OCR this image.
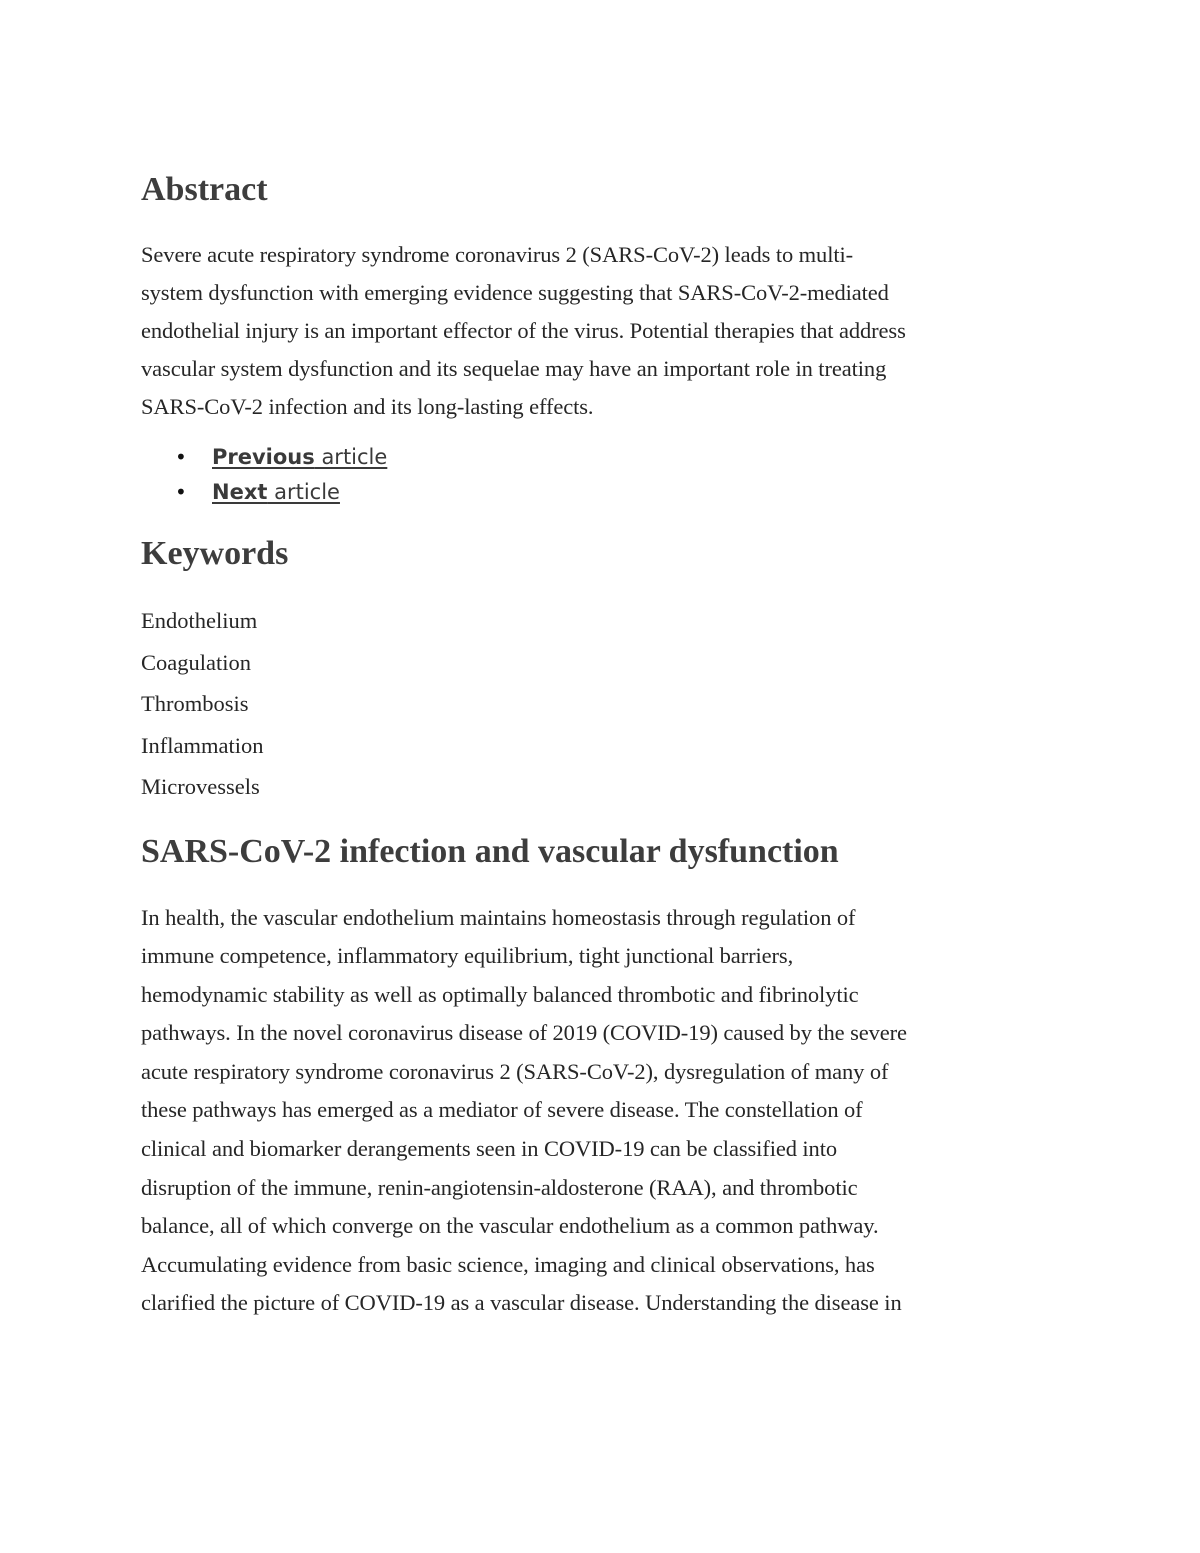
Abstract

Severe acute respiratory syndrome coronavirus 2 (SARS-CoV-2) leads to multi-
system dysfunction with emerging evidence suggesting that SARS-CoV-2-mediated
endothelial injury is an important effector of the virus. Potential therapies that address
vascular system dysfunction and its sequelae may have an important role in treating
SARS-CoV-2 infection and its long-lasting effects.

• Previous article
• Next article
Keywords
Endothelium
Coagulation
Thrombosis
Inflammation
Microvessels
SARS-CoV-2 infection and vascular dysfunction

In health, the vascular endothelium maintains homeostasis through regulation of
immune competence, inflammatory equilibrium, tight junctional barriers,
hemodynamic stability as well as optimally balanced thrombotic and fibrinolytic
pathways. In the novel coronavirus disease of 2019 (COVID-19) caused by the severe
acute respiratory syndrome coronavirus 2 (SARS-CoV-2), dysregulation of many of
these pathways has emerged as a mediator of severe disease. The constellation of
clinical and biomarker derangements seen in COVID-19 can be classified into
disruption of the immune, renin-angiotensin-aldosterone (RAA), and thrombotic
balance, all of which converge on the vascular endothelium as a common pathway.
Accumulating evidence from basic science, imaging and clinical observations, has
clarified the picture of COVID-19 as a vascular disease. Understanding the disease in
